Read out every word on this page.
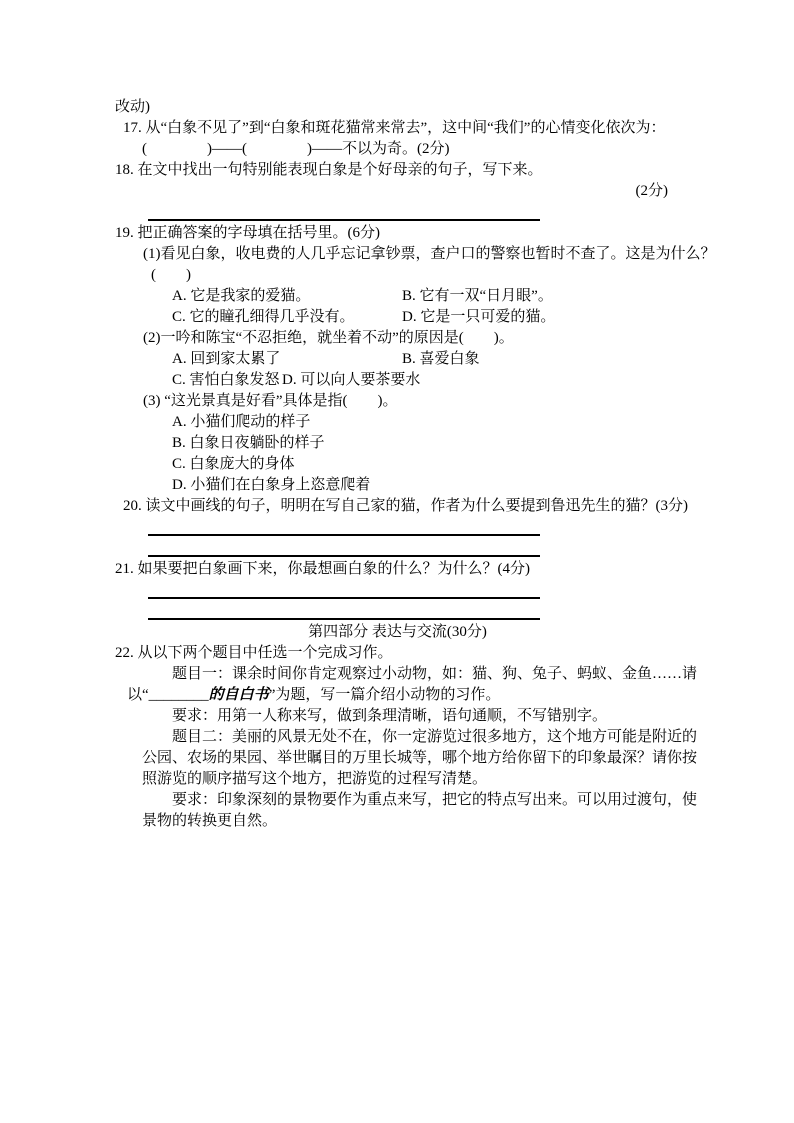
改动)
17. 从“白象不见了”到“白象和斑花猫常来常去”，这中间“我们”的心情变化依次为：
(　　　　)——(　　　　)——不以为奇。(2分)
18. 在文中找出一句特别能表现白象是个好母亲的句子，写下来。
(2分)
19. 把正确答案的字母填在括号里。(6分)
(1)看见白象，收电费的人几乎忘记拿钞票，查户口的警察也暂时不查了。这是为什么？
(　　)
A. 它是我家的爱猫。	B. 它有一双“日月眼”。
C. 它的瞳孔细得几乎没有。	D. 它是一只可爱的猫。
(2)一吟和陈宝“不忍拒绝，就坐着不动”的原因是(　　)。
A. 回到家太累了	B. 喜爱白象
C. 害怕白象发怒 D. 可以向人要茶要水
(3) “这光景真是好看”具体是指(　　)。
A. 小猫们爬动的样子
B. 白象日夜躺卧的样子
C. 白象庞大的身体
D. 小猫们在白象身上恣意爬着
20. 读文中画线的句子，明明在写自己家的猫，作者为什么要提到鲁迅先生的猫？(3分)
21. 如果要把白象画下来，你最想画白象的什么？为什么？(4分)
第四部分 表达与交流(30分)
22. 从以下两个题目中任选一个完成习作。
题目一：课余时间你肯定观察过小动物，如：猫、狗、兔子、蚂蚁、金鱼……请
以“________的自白书”为题，写一篇介绍小动物的习作。
要求：用第一人称来写，做到条理清晰，语句通顺，不写错别字。
题目二：美丽的风景无处不在，你一定游览过很多地方，这个地方可能是附近的
公园、农场的果园、举世瞩目的万里长城等，哪个地方给你留下的印象最深？请你按
照游览的顺序描写这个地方，把游览的过程写清楚。
要求：印象深刻的景物要作为重点来写，把它的特点写出来。可以用过渡句，使
景物的转换更自然。
